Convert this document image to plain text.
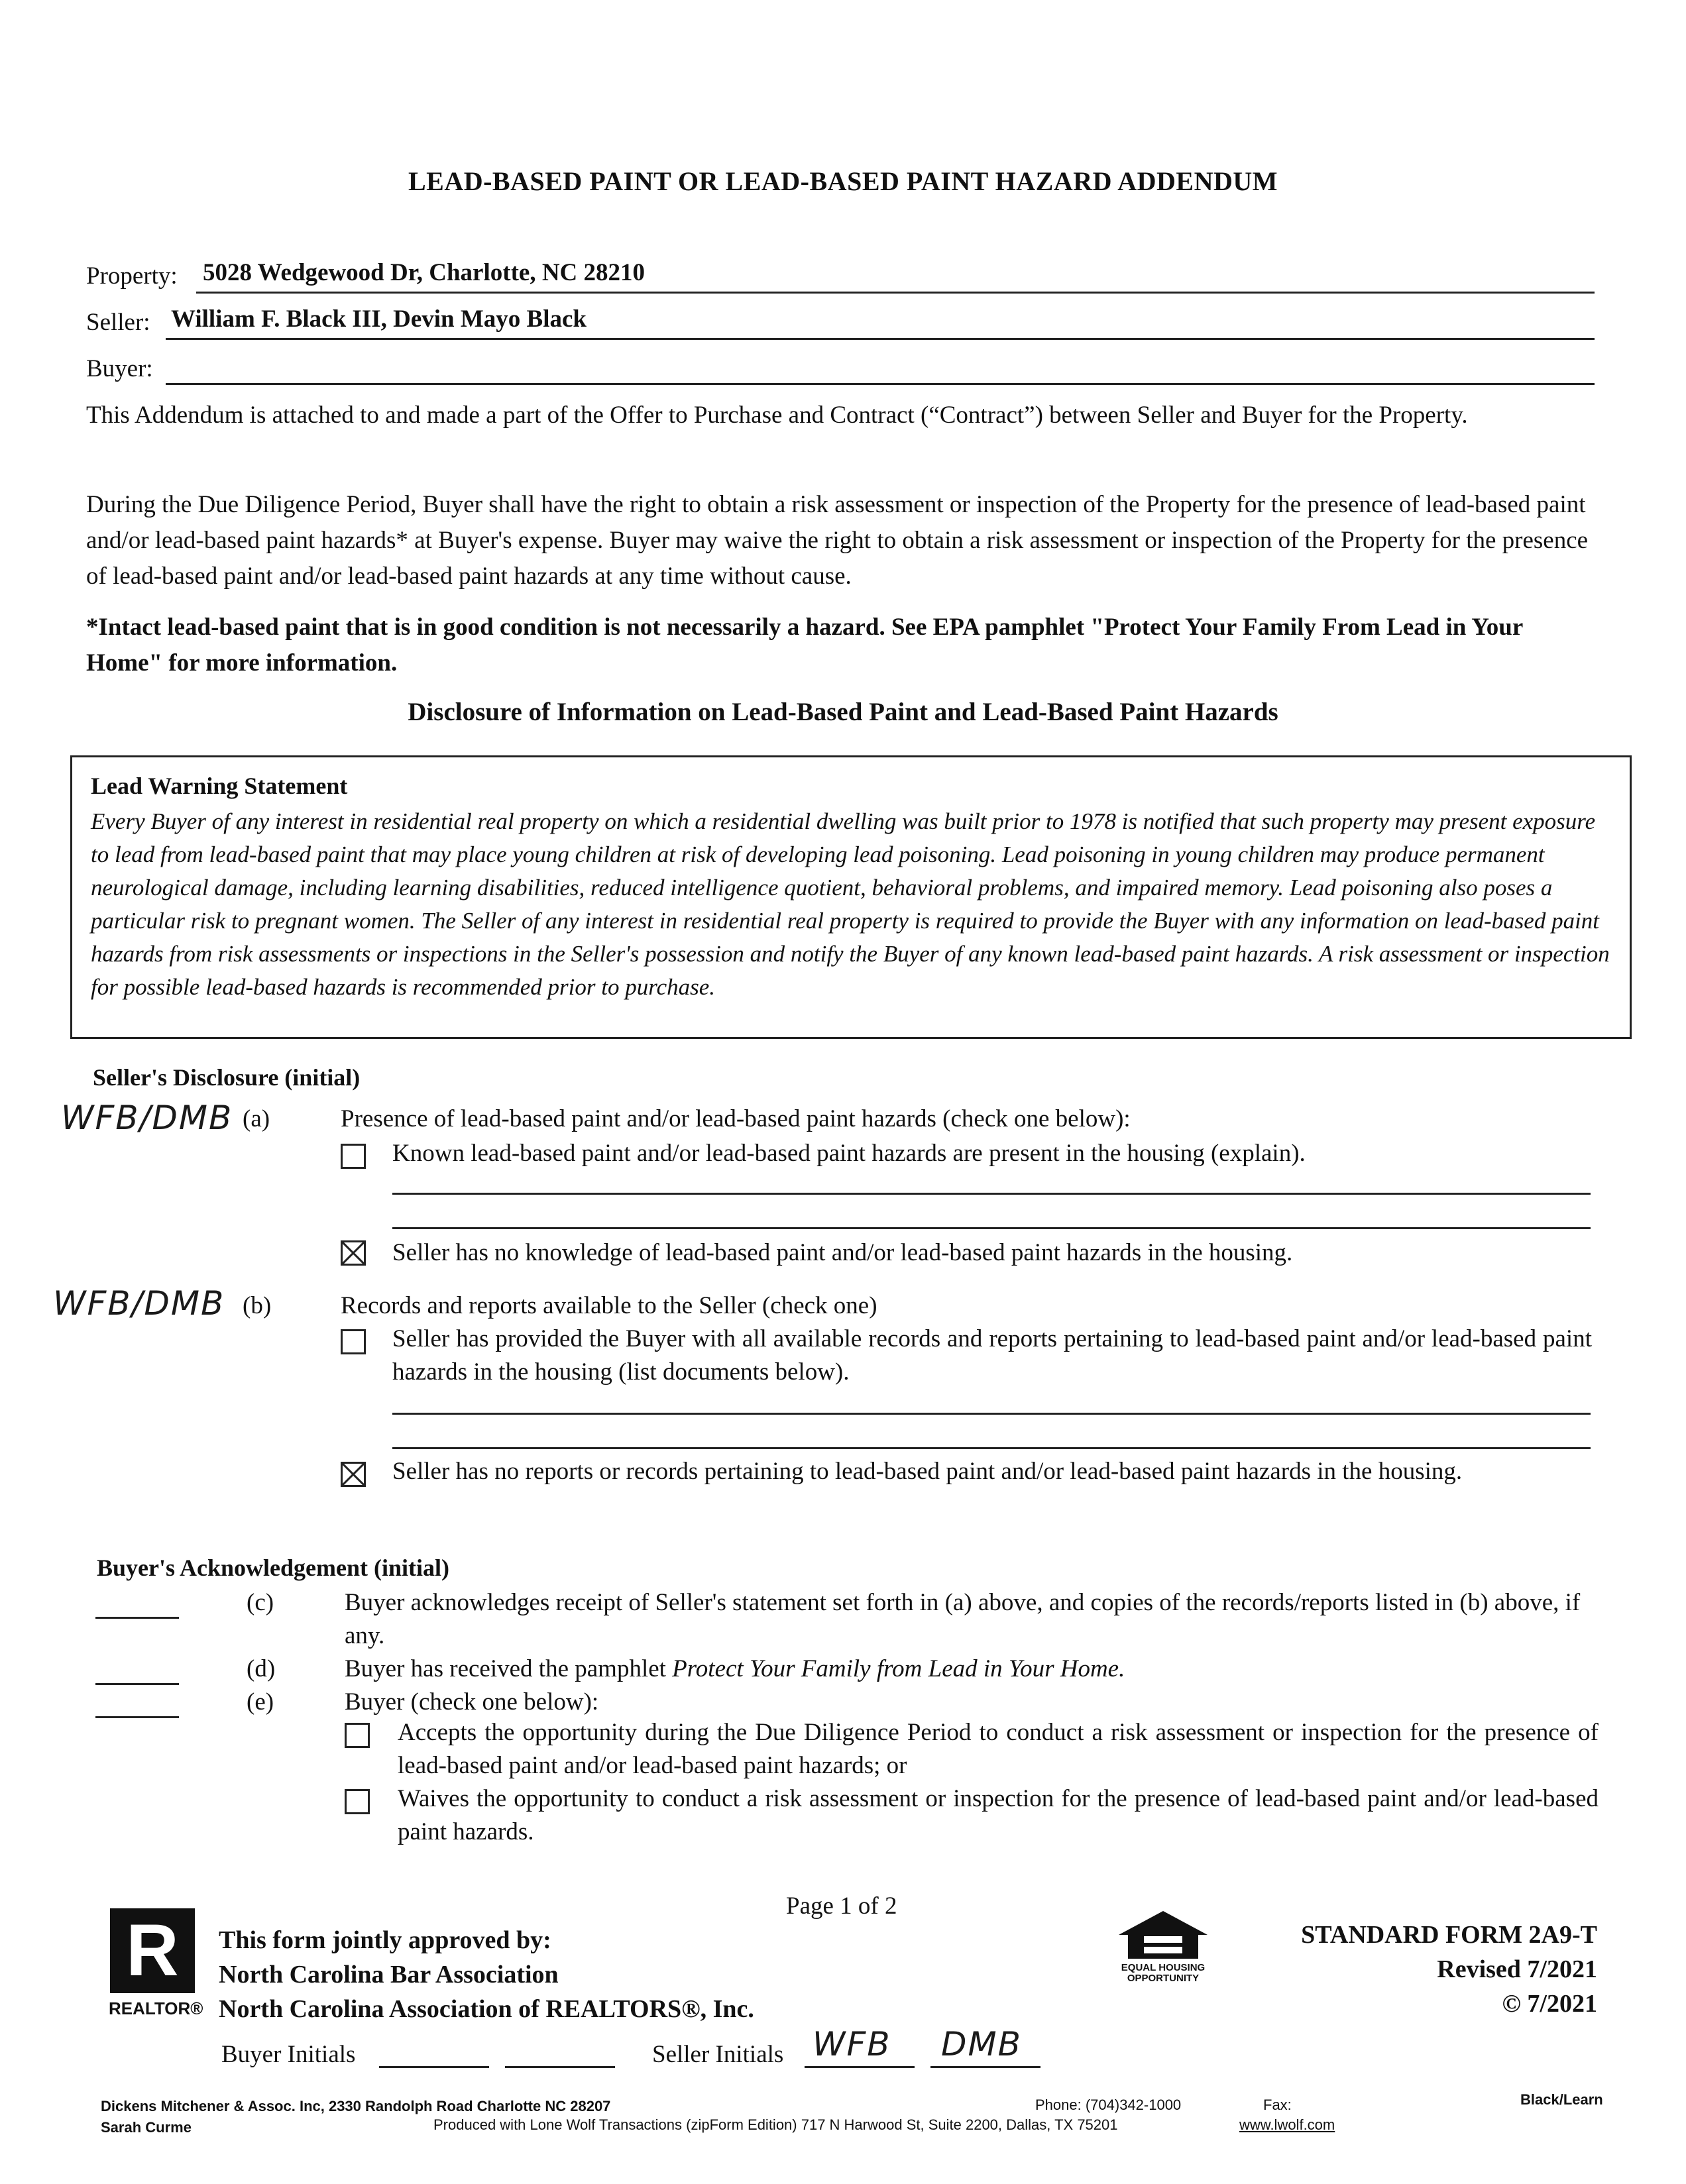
LEAD-BASED PAINT OR LEAD-BASED PAINT HAZARD ADDENDUM
Property: 5028 Wedgewood Dr, Charlotte, NC 28210
Seller: William F. Black III, Devin Mayo Black
Buyer:
This Addendum is attached to and made a part of the Offer to Purchase and Contract (“Contract”) between Seller and Buyer for the Property.
During the Due Diligence Period, Buyer shall have the right to obtain a risk assessment or inspection of the Property for the presence of lead-based paint and/or lead-based paint hazards* at Buyer's expense. Buyer may waive the right to obtain a risk assessment or inspection of the Property for the presence of lead-based paint and/or lead-based paint hazards at any time without cause.
*Intact lead-based paint that is in good condition is not necessarily a hazard. See EPA pamphlet "Protect Your Family From Lead in Your Home" for more information.
Disclosure of Information on Lead-Based Paint and Lead-Based Paint Hazards
Lead Warning Statement
Every Buyer of any interest in residential real property on which a residential dwelling was built prior to 1978 is notified that such property may present exposure to lead from lead-based paint that may place young children at risk of developing lead poisoning. Lead poisoning in young children may produce permanent neurological damage, including learning disabilities, reduced intelligence quotient, behavioral problems, and impaired memory. Lead poisoning also poses a particular risk to pregnant women. The Seller of any interest in residential real property is required to provide the Buyer with any information on lead-based paint hazards from risk assessments or inspections in the Seller's possession and notify the Buyer of any known lead-based paint hazards. A risk assessment or inspection for possible lead-based hazards is recommended prior to purchase.
Seller's Disclosure (initial)
WFB/DMB (a)	Presence of lead-based paint and/or lead-based paint hazards (check one below):
Known lead-based paint and/or lead-based paint hazards are present in the housing (explain).
Seller has no knowledge of lead-based paint and/or lead-based paint hazards in the housing.
WFB/DMB (b)	Records and reports available to the Seller (check one)
Seller has provided the Buyer with all available records and reports pertaining to lead-based paint and/or lead-based paint hazards in the housing (list documents below).
Seller has no reports or records pertaining to lead-based paint and/or lead-based paint hazards in the housing.
Buyer's Acknowledgement (initial)
(c)	Buyer acknowledges receipt of Seller's statement set forth in (a) above, and copies of the records/reports listed in (b) above, if any.
(d)	Buyer has received the pamphlet Protect Your Family from Lead in Your Home.
(e)	Buyer (check one below):
Accepts the opportunity during the Due Diligence Period to conduct a risk assessment or inspection for the presence of lead-based paint and/or lead-based paint hazards; or
Waives the opportunity to conduct a risk assessment or inspection for the presence of lead-based paint and/or lead-based paint hazards.
Page 1 of 2
R
REALTOR®
This form jointly approved by:
North Carolina Bar Association
North Carolina Association of REALTORS®, Inc.
EQUAL HOUSING OPPORTUNITY
STANDARD FORM 2A9-T
Revised 7/2021
© 7/2021
Buyer Initials	Seller Initials WFB DMB
Dickens Mitchener & Assoc. Inc, 2330 Randolph Road Charlotte NC 28207
Sarah Curme
Phone: (704)342-1000	Fax:	Black/Learn
Produced with Lone Wolf Transactions (zipForm Edition) 717 N Harwood St, Suite 2200, Dallas, TX 75201	www.lwolf.com
